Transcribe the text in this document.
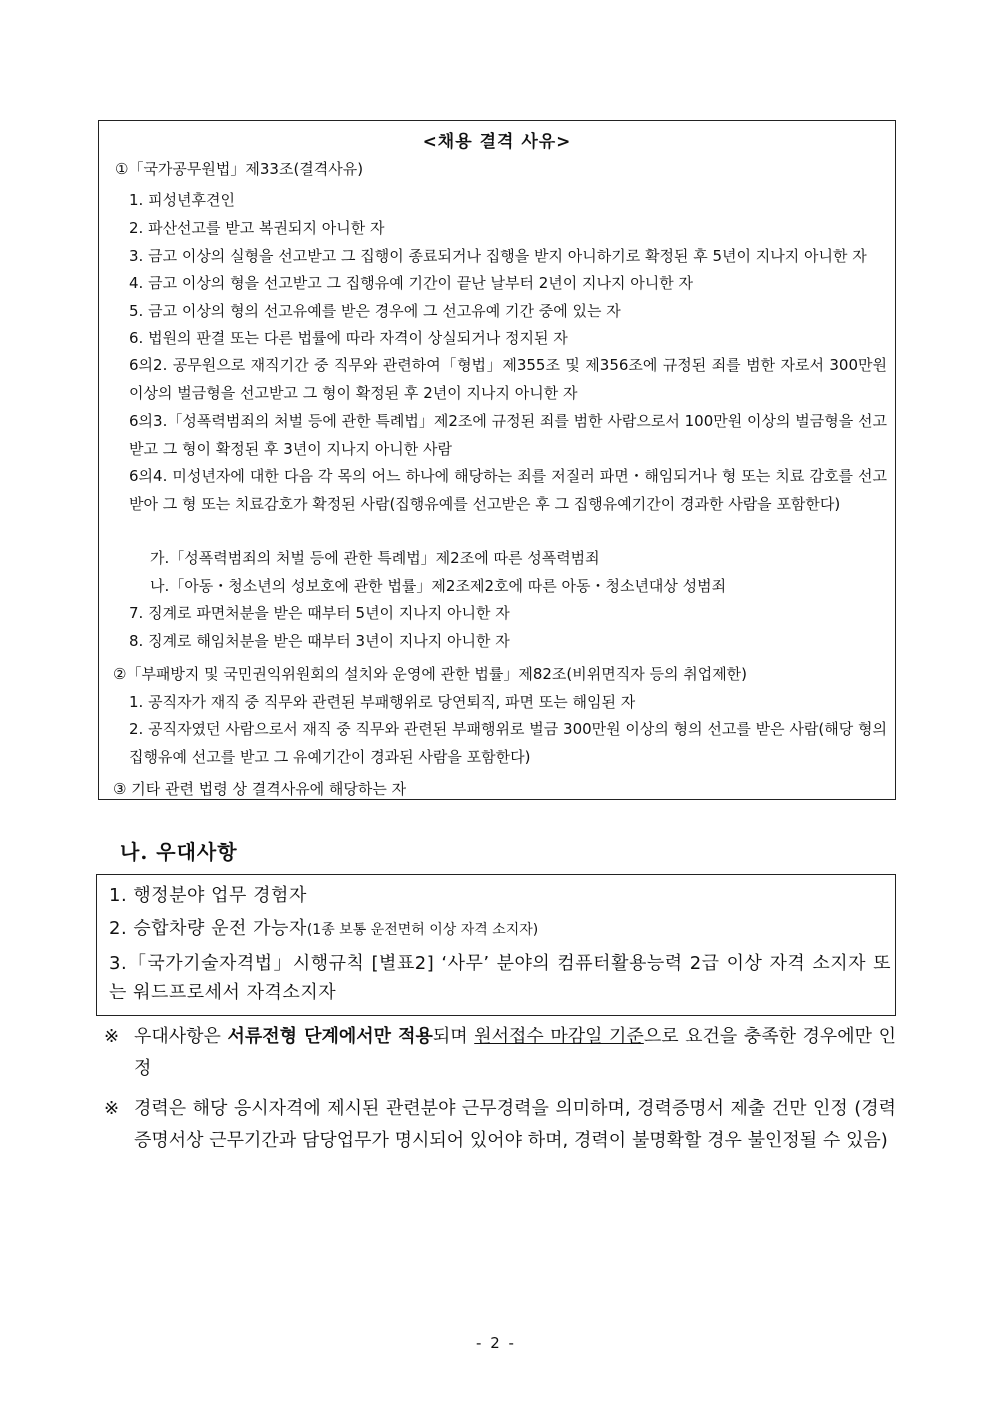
<채용 결격 사유>
①「국가공무원법」제33조(결격사유)
1. 피성년후견인
2. 파산선고를 받고 복권되지 아니한 자
3. 금고 이상의 실형을 선고받고 그 집행이 종료되거나 집행을 받지 아니하기로 확정된 후 5년이 지나지 아니한 자
4. 금고 이상의 형을 선고받고 그 집행유예 기간이 끝난 날부터 2년이 지나지 아니한 자
5. 금고 이상의 형의 선고유예를 받은 경우에 그 선고유예 기간 중에 있는 자
6. 법원의 판결 또는 다른 법률에 따라 자격이 상실되거나 정지된 자
6의2. 공무원으로 재직기간 중 직무와 관련하여「형법」제355조 및 제356조에 규정된 죄를 범한 자로서 300만원 이상의 벌금형을 선고받고 그 형이 확정된 후 2년이 지나지 아니한 자
6의3.「성폭력범죄의 처벌 등에 관한 특례법」제2조에 규정된 죄를 범한 사람으로서 100만원 이상의 벌금형을 선고받고 그 형이 확정된 후 3년이 지나지 아니한 사람
6의4. 미성년자에 대한 다음 각 목의 어느 하나에 해당하는 죄를 저질러 파면・해임되거나 형 또는 치료 감호를 선고받아 그 형 또는 치료감호가 확정된 사람(집행유예를 선고받은 후 그 집행유예기간이 경과한 사람을 포함한다)
가.「성폭력범죄의 처벌 등에 관한 특례법」제2조에 따른 성폭력범죄
나.「아동・청소년의 성보호에 관한 법률」제2조제2호에 따른 아동・청소년대상 성범죄
7. 징계로 파면처분을 받은 때부터 5년이 지나지 아니한 자
8. 징계로 해임처분을 받은 때부터 3년이 지나지 아니한 자
②「부패방지 및 국민권익위원회의 설치와 운영에 관한 법률」제82조(비위면직자 등의 취업제한)
1. 공직자가 재직 중 직무와 관련된 부패행위로 당연퇴직, 파면 또는 해임된 자
2. 공직자였던 사람으로서 재직 중 직무와 관련된 부패행위로 벌금 300만원 이상의 형의 선고를 받은 사람(해당 형의 집행유예 선고를 받고 그 유예기간이 경과된 사람을 포함한다)
③ 기타 관련 법령 상 결격사유에 해당하는 자
나. 우대사항
1. 행정분야 업무 경험자
2. 승합차량 운전 가능자(1종 보통 운전면허 이상 자격 소지자)
3.「국가기술자격법」시행규칙 [별표2] ‘사무’ 분야의 컴퓨터활용능력 2급 이상 자격 소지자 또는 워드프로세서 자격소지자
※ 우대사항은 서류전형 단계에서만 적용되며 원서접수 마감일 기준으로 요건을 충족한 경우에만 인정
※ 경력은 해당 응시자격에 제시된 관련분야 근무경력을 의미하며, 경력증명서 제출 건만 인정 (경력증명서상 근무기간과 담당업무가 명시되어 있어야 하며, 경력이 불명확할 경우 불인정될 수 있음)
- 2 -
